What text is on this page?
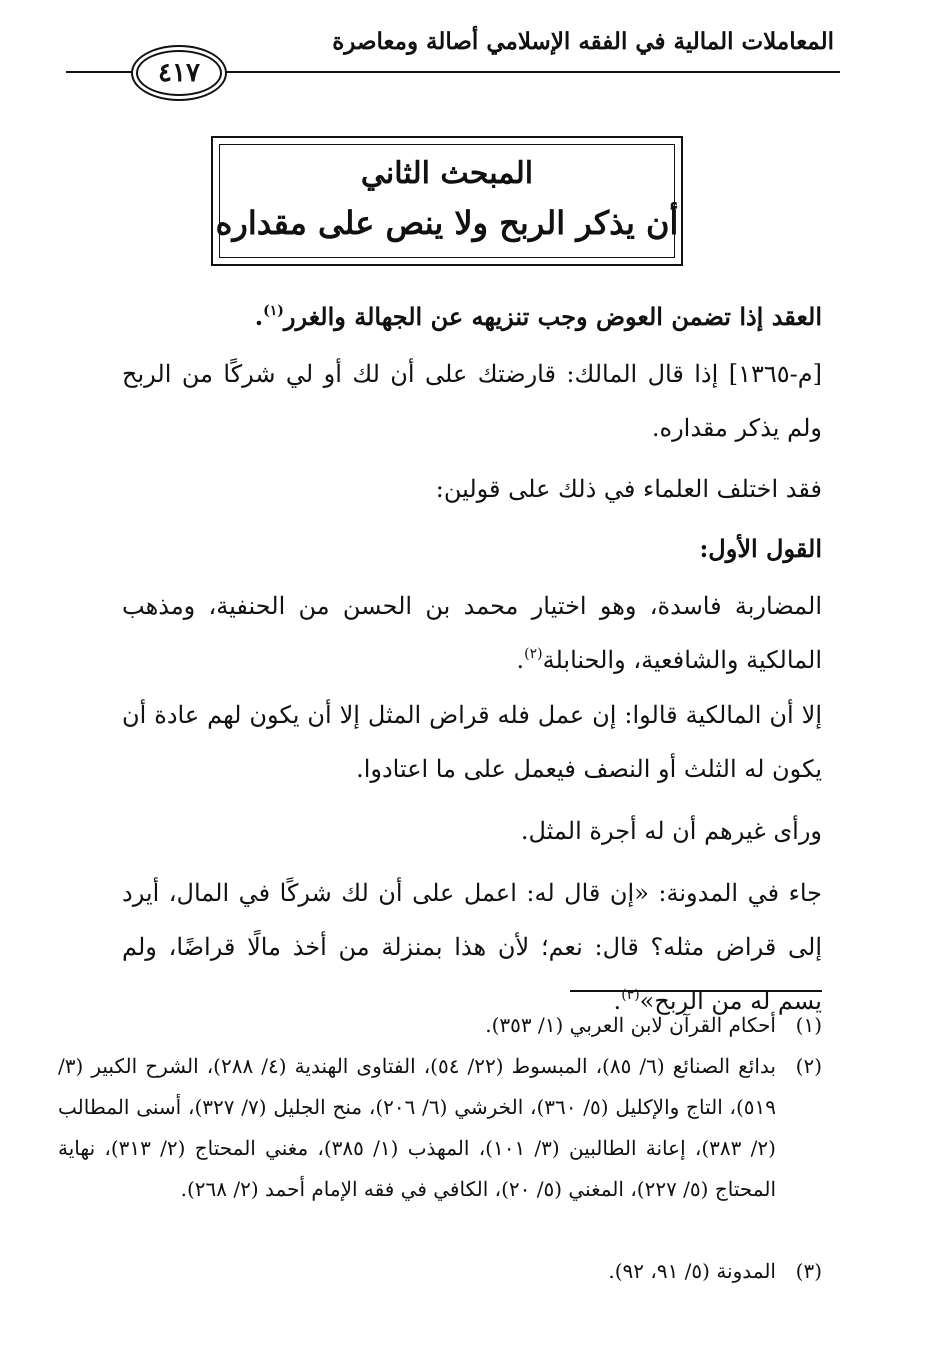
المعاملات المالية في الفقه الإسلامي أصالة ومعاصرة
٤١٧
المبحث الثاني
أن يذكر الربح ولا ينص على مقداره
العقد إذا تضمن العوض وجب تنزيهه عن الجهالة والغرر$^{(١)}$.
[م-١٣٦٥] إذا قال المالك: قارضتك على أن لك أو لي شركًا من الربح ولم يذكر مقداره.
فقد اختلف العلماء في ذلك على قولين:
القول الأول:
المضاربة فاسدة، وهو اختيار محمد بن الحسن من الحنفية، ومذهب المالكية والشافعية، والحنابلة$^{(٢)}$.
إلا أن المالكية قالوا: إن عمل فله قراض المثل إلا أن يكون لهم عادة أن يكون له الثلث أو النصف فيعمل على ما اعتادوا.
ورأى غيرهم أن له أجرة المثل.
جاء في المدونة: «إن قال له: اعمل على أن لك شركًا في المال، أيرد إلى قراض مثله؟ قال: نعم؛ لأن هذا بمنزلة من أخذ مالًا قراضًا، ولم يسم له من الربح»$^{(٣)}$.
(١)أحكام القرآن لابن العربي (١/ ٣٥٣).
(٢)
بدائع الصنائع (٦/ ٨٥)، المبسوط (٢٢/ ٥٤)، الفتاوى الهندية (٤/ ٢٨٨)، الشرح الكبير (٣/ ٥١٩)، التاج والإكليل (٥/ ٣٦٠)، الخرشي (٦/ ٢٠٦)، منح الجليل (٧/ ٣٢٧)، أسنى المطالب (٢/ ٣٨٣)، إعانة الطالبين (٣/ ١٠١)، المهذب (١/ ٣٨٥)، مغني المحتاج (٢/ ٣١٣)، نهاية المحتاج (٥/ ٢٢٧)، المغني (٥/ ٢٠)، الكافي في فقه الإمام أحمد (٢/ ٢٦٨).
(٣)المدونة (٥/ ٩١، ٩٢).
